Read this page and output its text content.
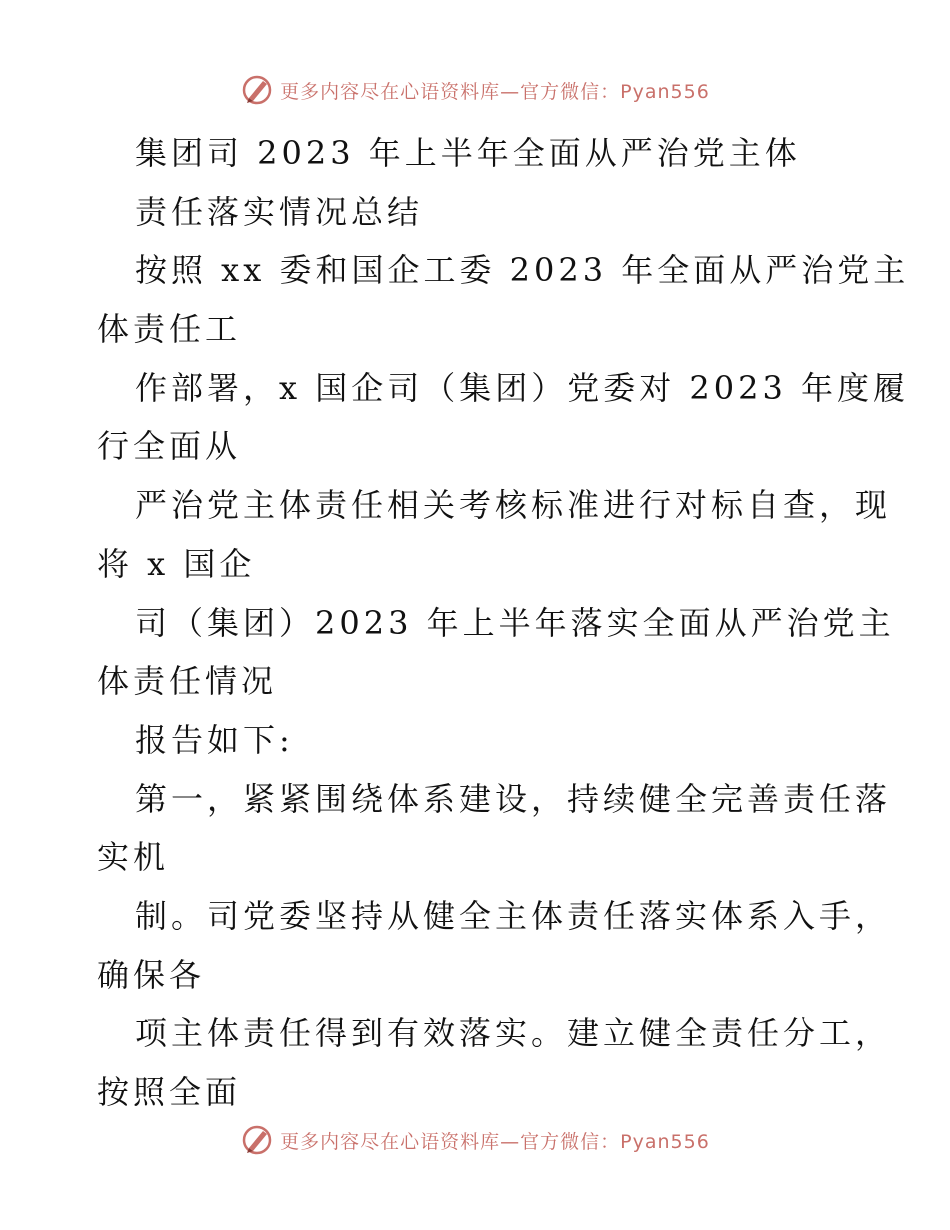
更多内容尽在心语资料库—官方微信：Pyan556

集团司 2023 年上半年全面从严治党主体

责任落实情况总结

按照 xx 委和国企工委 2023 年全面从严治党主

体责任工

作部署，x 国企司（集团）党委对 2023 年度履

行全面从

严治党主体责任相关考核标准进行对标自查，现

将 x 国企

司（集团）2023 年上半年落实全面从严治党主

体责任情况

报告如下:

第一，紧紧围绕体系建设，持续健全完善责任落

实机

制。司党委坚持从健全主体责任落实体系入手，

确保各

项主体责任得到有效落实。建立健全责任分工，

按照全面

更多内容尽在心语资料库—官方微信：Pyan556
